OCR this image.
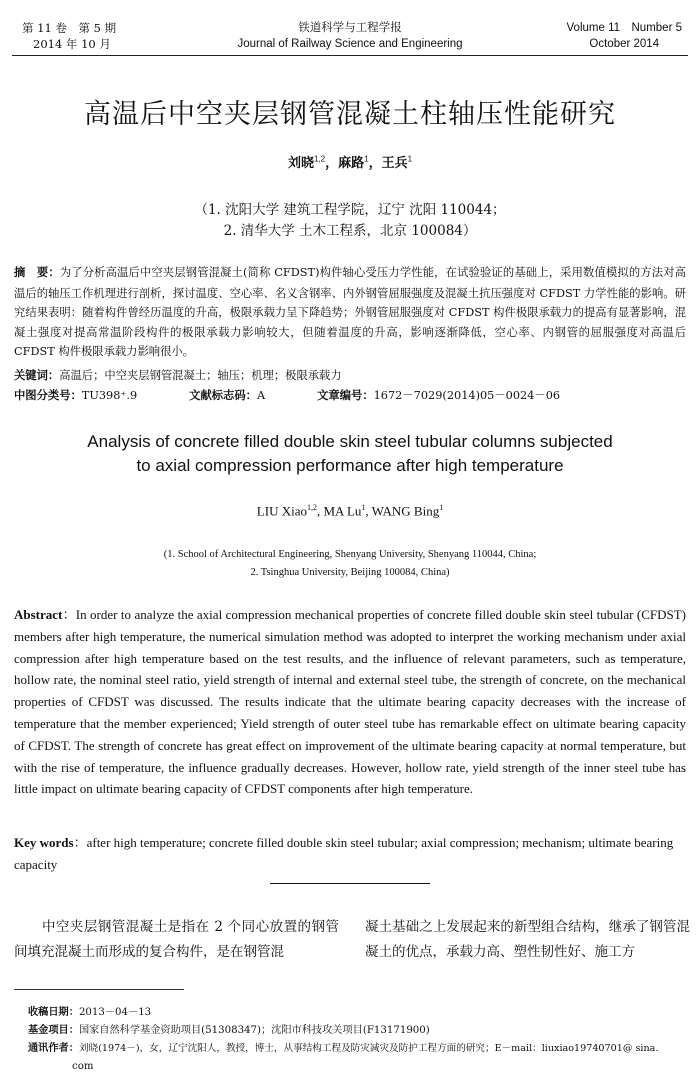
第 11 卷　第 5 期
2014 年 10 月
铁道科学与工程学报
Journal of Railway Science and Engineering
Volume 11　Number 5
October 2014
高温后中空夹层钢管混凝土柱轴压性能研究
刘晓$^{1,2}$，麻路$^1$，王兵$^1$
（1. 沈阳大学 建筑工程学院，辽宁 沈阳 110044；
2. 清华大学 土木工程系，北京 100084）
摘　要：为了分析高温后中空夹层钢管混凝土(简称 CFDST)构件轴心受压力学性能，在试验验证的基础上，采用数值模拟的方法对高温后的轴压工作机理进行剖析，探讨温度、空心率、名义含钢率、内外钢管屈服强度及混凝土抗压强度对 CFDST 力学性能的影响。研究结果表明：随着构件曾经历温度的升高，极限承载力呈下降趋势；外钢管屈服强度对 CFDST 构件极限承载力的提高有显著影响，混凝土强度对提高常温阶段构件的极限承载力影响较大，但随着温度的升高，影响逐渐降低，空心率、内钢管的屈服强度对高温后 CFDST 构件极限承载力影响很小。
关键词：高温后；中空夹层钢管混凝土；轴压；机理；极限承载力
中图分类号：TU398⁺.9	文献标志码：A	文章编号：1672－7029(2014)05－0024－06
Analysis of concrete filled double skin steel tubular columns subjected
to axial compression performance after high temperature
LIU Xiao$^{1,2}$, MA Lu$^1$, WANG Bing$^1$
(1. School of Architectural Engineering, Shenyang University, Shenyang 110044, China;
2. Tsinghua University, Beijing 100084, China)
Abstract：In order to analyze the axial compression mechanical properties of concrete filled double skin steel tubular (CFDST) members after high temperature, the numerical simulation method was adopted to interpret the working mechanism under axial compression after high temperature based on the test results, and the influence of relevant parameters, such as temperature, hollow rate, the nominal steel ratio, yield strength of internal and external steel tube, the strength of concrete, on the mechanical properties of CFDST was discussed. The results indicate that the ultimate bearing capacity decreases with the increase of temperature that the member experienced; Yield strength of outer steel tube has remarkable effect on ultimate bearing capacity of CFDST. The strength of concrete has great effect on improvement of the ultimate bearing capacity at normal temperature, but with the rise of temperature, the influence gradually decreases. However, hollow rate, yield strength of the inner steel tube has little impact on ultimate bearing capacity of CFDST components after high temperature.
Key words：after high temperature; concrete filled double skin steel tubular; axial compression; mechanism; ultimate bearing capacity
　　中空夹层钢管混凝土是指在 2 个同心放置的钢管间填充混凝土而形成的复合构件，是在钢管混
凝土基础之上发展起来的新型组合结构，继承了钢管混凝土的优点，承载力高、塑性韧性好、施工方
收稿日期：2013－04－13
基金项目：国家自然科学基金资助项目(51308347)；沈阳市科技攻关项目(F13171900)
通讯作者：刘晓(1974－)，女，辽宁沈阳人，教授，博士，从事结构工程及防灾减灾及防护工程方面的研究；E－mail：liuxiao19740701@ sina.
com
